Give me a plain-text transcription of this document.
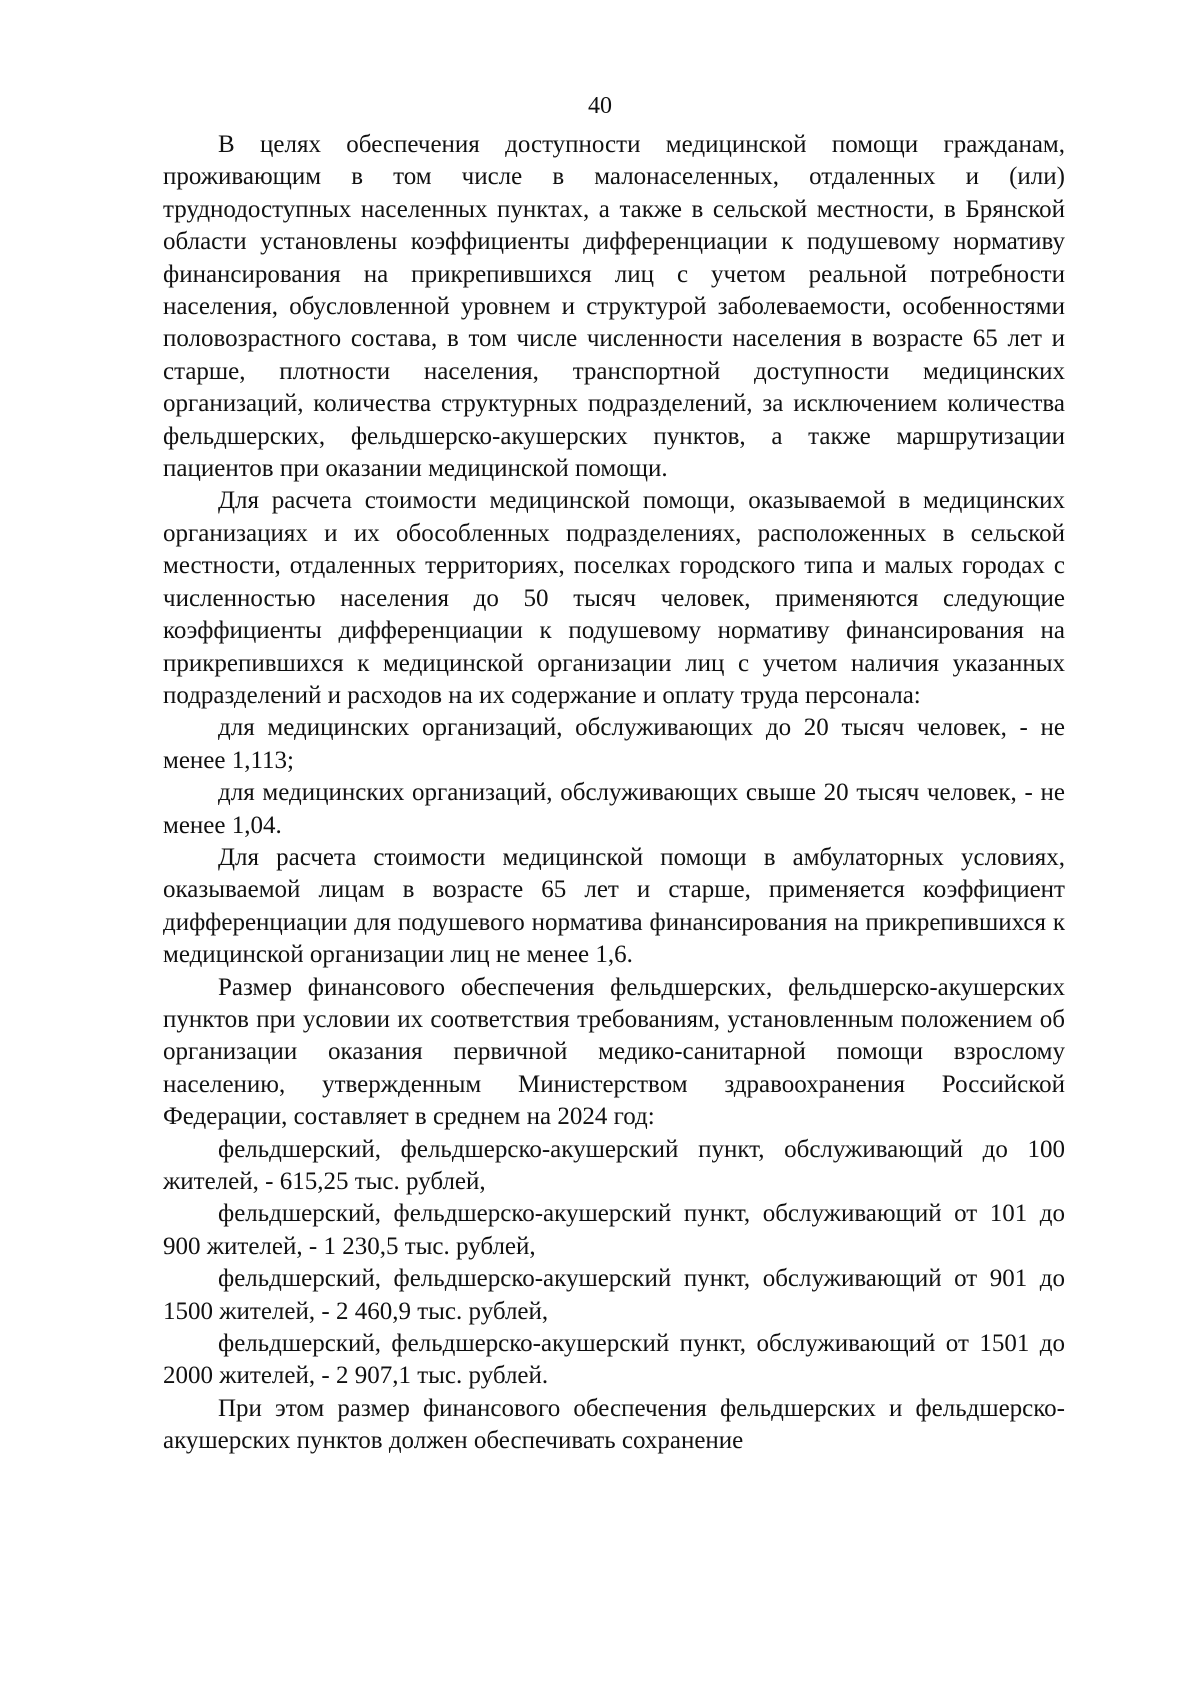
40

В целях обеспечения доступности медицинской помощи гражданам, проживающим в том числе в малонаселенных, отдаленных и (или) труднодоступных населенных пунктах, а также в сельской местности, в Брянской области установлены коэффициенты дифференциации к подушевому нормативу финансирования на прикрепившихся лиц с учетом реальной потребности населения, обусловленной уровнем и структурой заболеваемости, особенностями половозрастного состава, в том числе численности населения в возрасте 65 лет и старше, плотности населения, транспортной доступности медицинских организаций, количества структурных подразделений, за исключением количества фельдшерских, фельдшерско-акушерских пунктов, а также маршрутизации пациентов при оказании медицинской помощи.

Для расчета стоимости медицинской помощи, оказываемой в медицинских организациях и их обособленных подразделениях, расположенных в сельской местности, отдаленных территориях, поселках городского типа и малых городах с численностью населения до 50 тысяч человек, применяются следующие коэффициенты дифференциации к подушевому нормативу финансирования на прикрепившихся к медицинской организации лиц с учетом наличия указанных подразделений и расходов на их содержание и оплату труда персонала:

для медицинских организаций, обслуживающих до 20 тысяч человек, - не менее 1,113;

для медицинских организаций, обслуживающих свыше 20 тысяч человек, - не менее 1,04.

Для расчета стоимости медицинской помощи в амбулаторных условиях, оказываемой лицам в возрасте 65 лет и старше, применяется коэффициент дифференциации для подушевого норматива финансирования на прикрепившихся к медицинской организации лиц не менее 1,6.

Размер финансового обеспечения фельдшерских, фельдшерско-акушерских пунктов при условии их соответствия требованиям, установленным положением об организации оказания первичной медико-санитарной помощи взрослому населению, утвержденным Министерством здравоохранения Российской Федерации, составляет в среднем на 2024 год:

фельдшерский, фельдшерско-акушерский пункт, обслуживающий до 100 жителей, - 615,25 тыс. рублей,

фельдшерский, фельдшерско-акушерский пункт, обслуживающий от 101 до 900 жителей, - 1 230,5 тыс. рублей,

фельдшерский, фельдшерско-акушерский пункт, обслуживающий от 901 до 1500 жителей, - 2 460,9 тыс. рублей,

фельдшерский, фельдшерско-акушерский пункт, обслуживающий от 1501 до 2000 жителей, - 2 907,1 тыс. рублей.

При этом размер финансового обеспечения фельдшерских и фельдшерско-акушерских пунктов должен обеспечивать сохранение
